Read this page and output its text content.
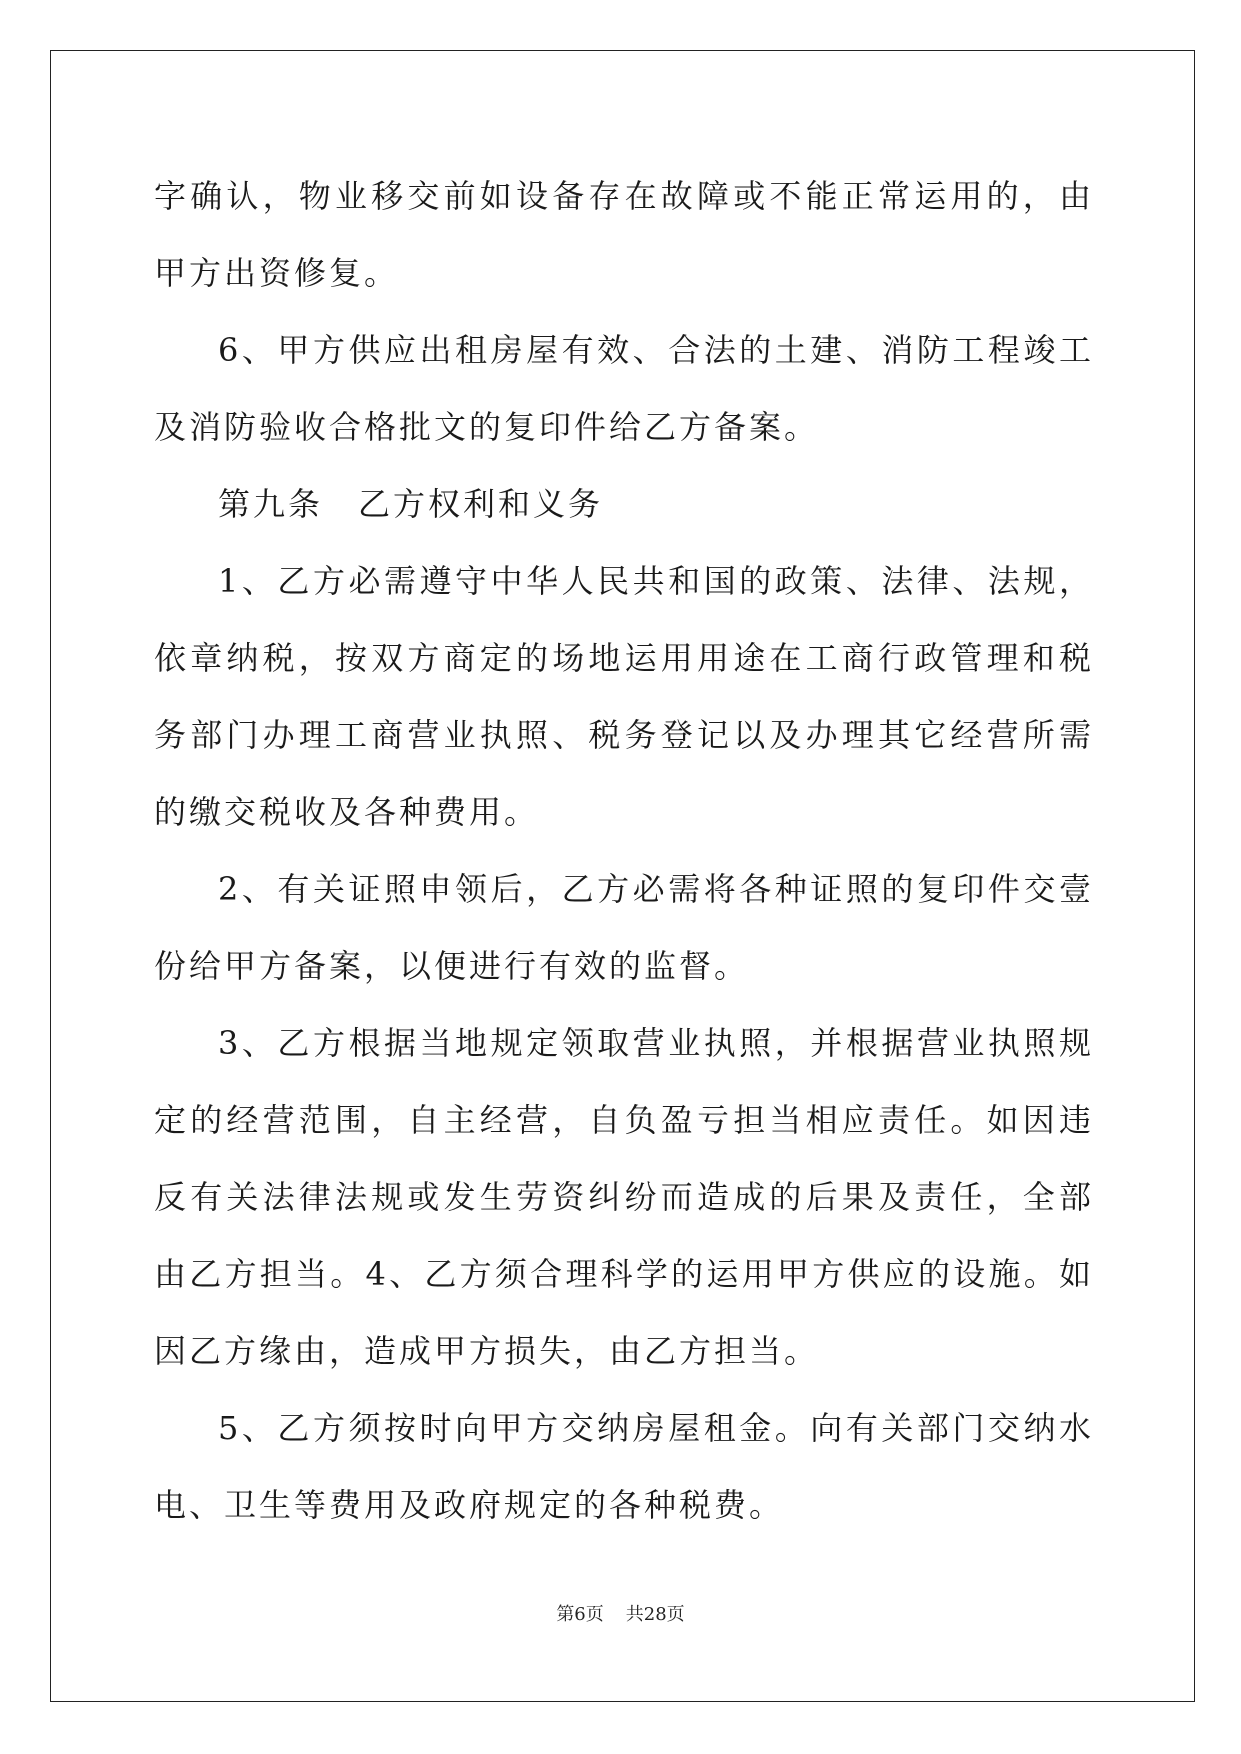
字确认，物业移交前如设备存在故障或不能正常运用的，由甲方出资修复。

6、甲方供应出租房屋有效、合法的土建、消防工程竣工及消防验收合格批文的复印件给乙方备案。

第九条　乙方权利和义务

1、乙方必需遵守中华人民共和国的政策、法律、法规，依章纳税，按双方商定的场地运用用途在工商行政管理和税务部门办理工商营业执照、税务登记以及办理其它经营所需的缴交税收及各种费用。

2、有关证照申领后，乙方必需将各种证照的复印件交壹份给甲方备案，以便进行有效的监督。

3、乙方根据当地规定领取营业执照，并根据营业执照规定的经营范围，自主经营，自负盈亏担当相应责任。如因违反有关法律法规或发生劳资纠纷而造成的后果及责任，全部由乙方担当。4、乙方须合理科学的运用甲方供应的设施。如因乙方缘由，造成甲方损失，由乙方担当。

5、乙方须按时向甲方交纳房屋租金。向有关部门交纳水电、卫生等费用及政府规定的各种税费。

第6页 共28页
